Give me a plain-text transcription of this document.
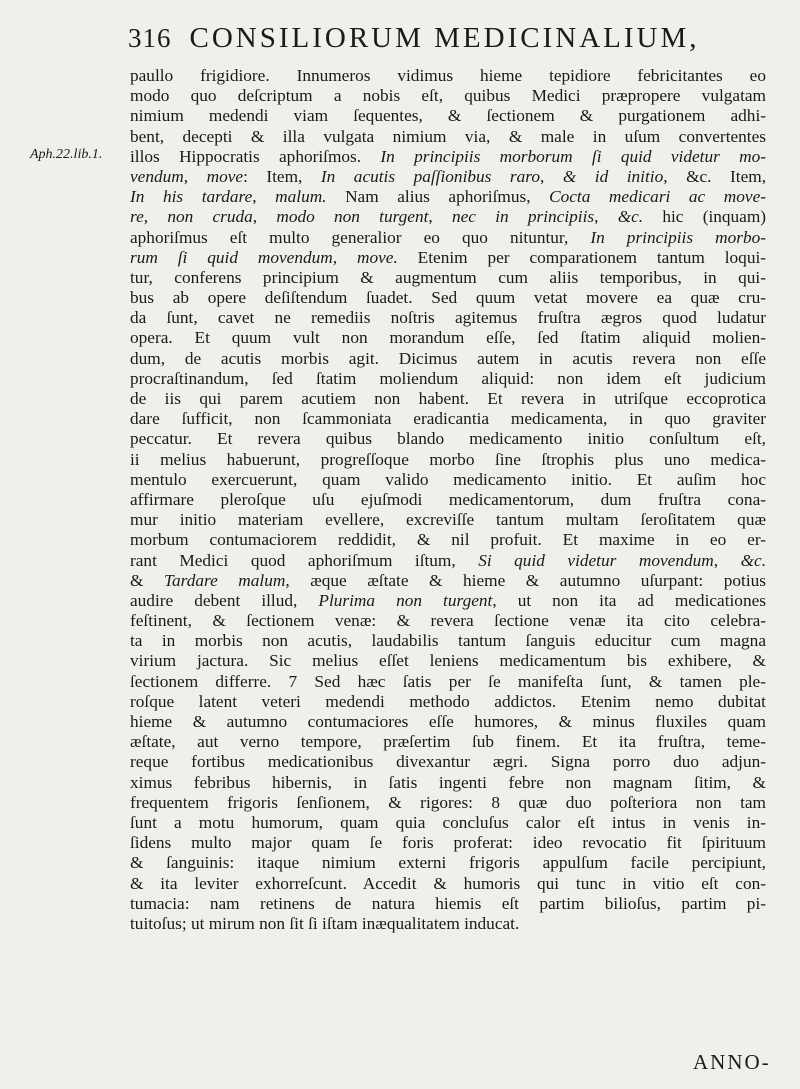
316 CONSILIORUM MEDICINALIUM,
Aph.22.lib.1.
paullo frigidiore. Innumeros vidimus hieme tepidiore febricitantes eo
modo quo deſcriptum a nobis eſt, quibus Medici præpropere vulgatam
nimium medendi viam ſequentes, & ſectionem & purgationem adhi-
bent, decepti & illa vulgata nimium via, & male in uſum convertentes
illos Hippocratis aphoriſmos. In principiis morborum ſi quid videtur mo-
vendum, move: Item, In acutis paſſionibus raro, & id initio, &c. Item,
In his tardare, malum. Nam alius aphoriſmus, Cocta medicari ac move-
re, non cruda, modo non turgent, nec in principiis, &c. hic (inquam)
aphoriſmus eſt multo generalior eo quo nituntur, In principiis morbo-
rum ſi quid movendum, move. Etenim per comparationem tantum loqui-
tur, conferens principium & augmentum cum aliis temporibus, in qui-
bus ab opere deſiſtendum ſuadet. Sed quum vetat movere ea quæ cru-
da ſunt, cavet ne remediis noſtris agitemus fruſtra ægros quod ludatur
opera. Et quum vult non morandum eſſe, ſed ſtatim aliquid molien-
dum, de acutis morbis agit. Dicimus autem in acutis revera non eſſe
procraſtinandum, ſed ſtatim moliendum aliquid: non idem eſt judicium
de iis qui parem acutiem non habent. Et revera in utriſque eccoprotica
dare ſufficit, non ſcammoniata eradicantia medicamenta, in quo graviter
peccatur. Et revera quibus blando medicamento initio conſultum eſt,
ii melius habuerunt, progreſſoque morbo ſine ſtrophis plus uno medica-
mentulo exercuerunt, quam valido medicamento initio. Et auſim hoc
affirmare pleroſque uſu ejuſmodi medicamentorum, dum fruſtra cona-
mur initio materiam evellere, excreviſſe tantum multam ſeroſitatem quæ
morbum contumaciorem reddidit, & nil profuit. Et maxime in eo er-
rant Medici quod aphoriſmum iſtum, Si quid videtur movendum, &c.
& Tardare malum, æque æſtate & hieme & autumno uſurpant: potius
audire debent illud, Plurima non turgent, ut non ita ad medicationes
feſtinent, & ſectionem venæ: & revera ſectione venæ ita cito celebra-
ta in morbis non acutis, laudabilis tantum ſanguis educitur cum magna
virium jactura. Sic melius eſſet leniens medicamentum bis exhibere, &
ſectionem differre. 7 Sed hæc ſatis per ſe manifeſta ſunt, & tamen ple-
roſque latent veteri medendi methodo addictos. Etenim nemo dubitat
hieme & autumno contumaciores eſſe humores, & minus fluxiles quam
æſtate, aut verno tempore, præſertim ſub finem. Et ita fruſtra, teme-
reque fortibus medicationibus divexantur ægri. Signa porro duo adjun-
ximus febribus hibernis, in ſatis ingenti febre non magnam ſitim, &
frequentem frigoris ſenſionem, & rigores: 8 quæ duo poſteriora non tam
ſunt a motu humorum, quam quia concluſus calor eſt intus in venis in-
ſidens multo major quam ſe foris proferat: ideo revocatio fit ſpirituum
& ſanguinis: itaque nimium externi frigoris appulſum facile percipiunt,
& ita leviter exhorreſcunt. Accedit & humoris qui tunc in vitio eſt con-
tumacia: nam retinens de natura hiemis eſt partim bilioſus, partim pi-
tuitoſus; ut mirum non ſit ſi iſtam inæqualitatem inducat.
ANNO-
